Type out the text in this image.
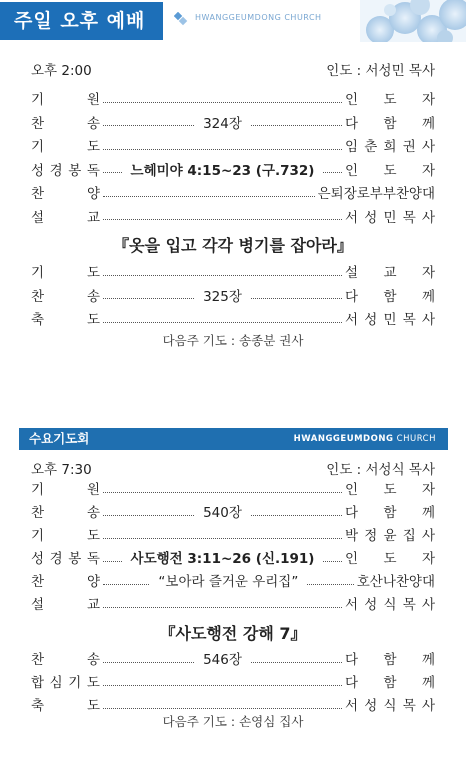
주일 오후 예배	HWANGGEUMDONG CHURCH
오후 2:00	인도 : 서성민 목사
기	원	인 도 자
찬	송	324장	다 함 께
기	도	임 춘 희 권 사
성 경 봉 독	느헤미야 4:15~23 (구.732)	인 도 자
찬	양	은퇴장로부부찬양대
설	교	서 성 민 목 사
『옷을 입고 각각 병기를 잡아라』
기	도	설 교 자
찬	송	325장	다 함 께
축	도	서 성 민 목 사
다음주 기도 : 송종분 권사
수요기도회	HWANGGEUMDONG CHURCH
오후 7:30	인도 : 서성식 목사
기	원	인 도 자
찬	송	540장	다 함 께
기	도	박 정 윤 집 사
성 경 봉 독	사도행전 3:11~26 (신.191)	인 도 자
찬	양	“보아라 즐거운 우리집”	호산나찬양대
설	교	서 성 식 목 사
『사도행전 강해 7』
찬	송	546장	다 함 께
합 심 기 도	다 함 께
축	도	서 성 식 목 사
다음주 기도 : 손영심 집사
